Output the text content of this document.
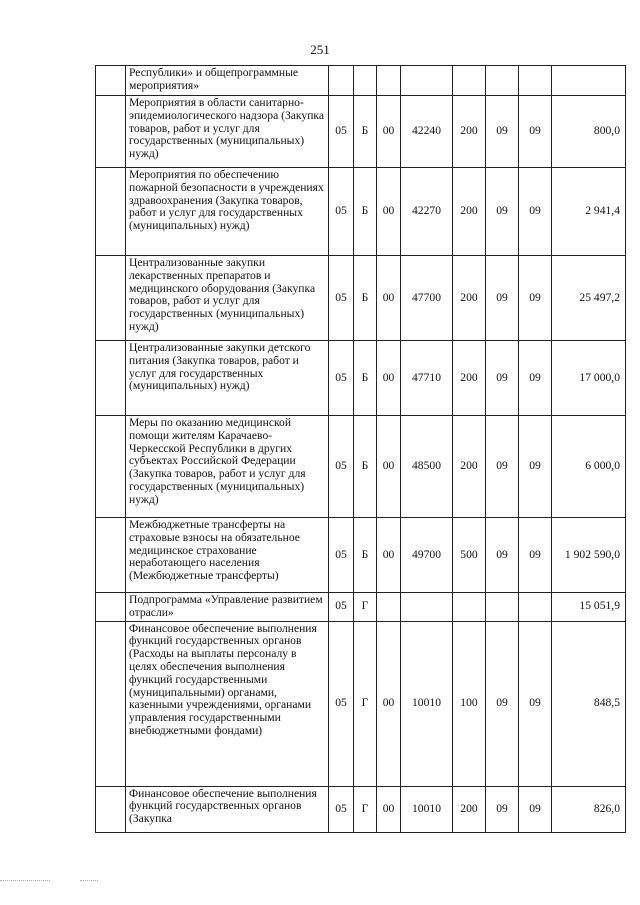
251
	Республики» и общепрограммные мероприятия»								
	Мероприятия в области санитарно-эпидемиологического надзора (Закупка товаров, работ и услуг для государственных (муниципальных) нужд)	05	Б	00	42240	200	09	09	800,0
	Мероприятия по обеспечению пожарной безопасности в учреждениях здравоохранения (Закупка товаров, работ и услуг для государственных (муниципальных) нужд)	05	Б	00	42270	200	09	09	2 941,4
	Централизованные закупки лекарственных препаратов и медицинского оборудования (Закупка товаров, работ и услуг для государственных (муниципальных) нужд)	05	Б	00	47700	200	09	09	25 497,2
	Централизованные закупки детского питания (Закупка товаров, работ и услуг для государственных (муниципальных) нужд)	05	Б	00	47710	200	09	09	17 000,0
	Меры по оказанию медицинской помощи жителям Карачаево-Черкесской Республики в других субъектах Российской Федерации (Закупка товаров, работ и услуг для государственных (муниципальных) нужд)	05	Б	00	48500	200	09	09	6 000,0
	Межбюджетные трансферты на страховые взносы на обязательное медицинское страхование неработающего населения (Межбюджетные трансферты)	05	Б	00	49700	500	09	09	1 902 590,0
	Подпрограмма «Управление развитием отрасли»	05	Г						15 051,9
	Финансовое обеспечение выполнения функций государственных органов (Расходы на выплаты персоналу в целях обеспечения выполнения функций государственными (муниципальными) органами, казенными учреждениями, органами управления государственными внебюджетными фондами)	05	Г	00	10010	100	09	09	848,5
	Финансовое обеспечение выполнения функций государственных органов (Закупка	05	Г	00	10010	200	09	09	826,0
